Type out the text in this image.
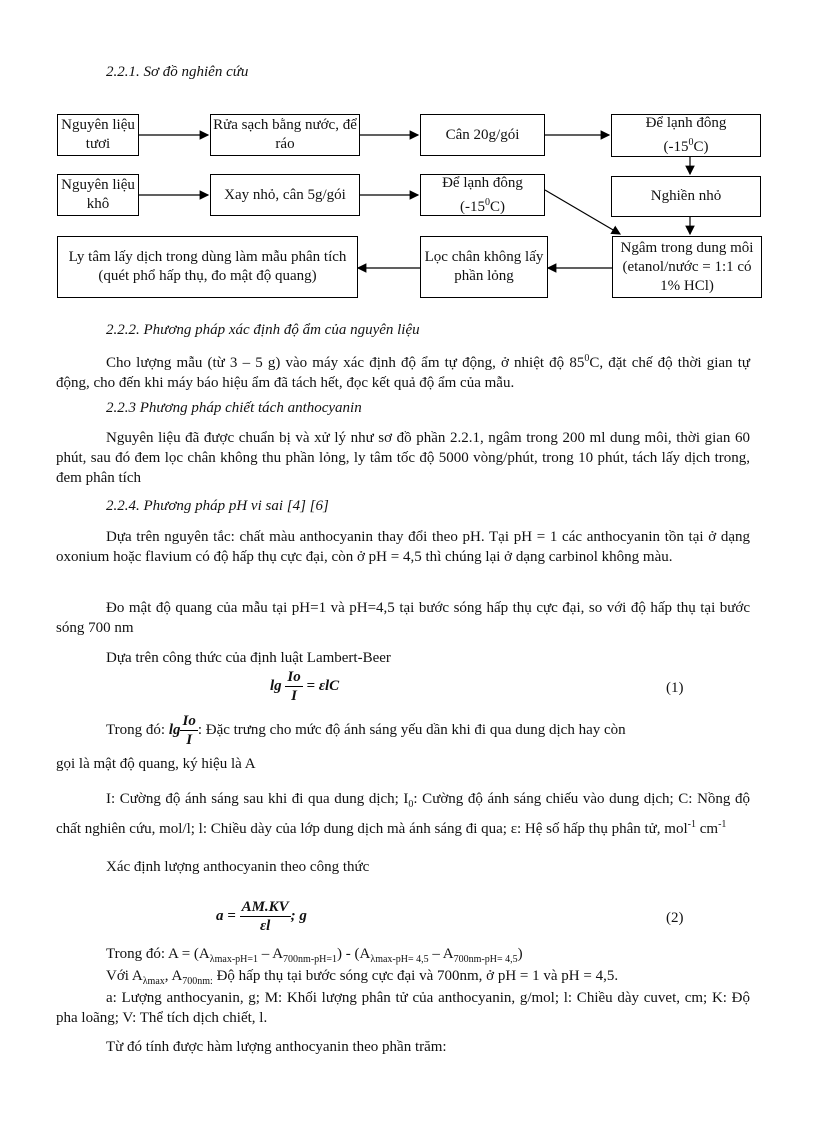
2.2.1. Sơ đồ nghiên cứu
Nguyên liệu tươi
Rửa sạch bằng nước, để ráo
Cân 20g/gói
Để lạnh đông
$(-15^0C)$
Nguyên liệu khô
Xay nhỏ, cân 5g/gói
Để lạnh đông
$(-15^0C)$
Nghiền nhỏ
Ly tâm lấy dịch trong dùng làm mẫu phân tích (quét phổ hấp thụ, đo mật độ quang)
Lọc chân không lấy phần lỏng
Ngâm trong dung môi (etanol/nước = 1:1 có 1% HCl)
2.2.2. Phương pháp xác định độ ẩm của nguyên liệu
Cho lượng mẫu (từ 3 – 5 g) vào máy xác định độ ẩm tự động, ở nhiệt độ $85^0C$, đặt chế độ thời gian tự động, cho đến khi máy báo hiệu ẩm đã tách hết, đọc kết quả độ ẩm của mẫu.
2.2.3 Phương pháp chiết tách anthocyanin
Nguyên liệu đã được chuẩn bị và xử lý như sơ đồ phần 2.2.1, ngâm trong 200 ml dung môi, thời gian 60 phút, sau đó đem lọc chân không thu phần lỏng, ly tâm tốc độ 5000 vòng/phút, trong 10 phút, tách lấy dịch trong, đem phân tích
2.2.4. Phương pháp pH vi sai [4] [6]
Dựa trên nguyên tắc: chất màu anthocyanin thay đổi theo pH. Tại pH = 1 các anthocyanin tồn tại ở dạng oxonium hoặc flavium có độ hấp thụ cực đại, còn ở pH = 4,5 thì chúng lại ở dạng carbinol không màu.
Đo mật độ quang của mẫu tại pH=1 và pH=4,5 tại bước sóng hấp thụ cực đại, so với độ hấp thụ tại bước sóng 700 nm
Dựa trên công thức của định luật Lambert-Beer
$\lg \frac{Io}{I} = \varepsilon lC$	(1)
Trong đó: $\lg \frac{Io}{I}$ : Đặc trưng cho mức độ ánh sáng yếu dần khi đi qua dung dịch hay còn
gọi là mật độ quang, ký hiệu là A
I: Cường độ ánh sáng sau khi đi qua dung dịch; $I_0$: Cường độ ánh sáng chiếu vào dung dịch; C: Nồng độ chất nghiên cứu, mol/l; l: Chiều dày của lớp dung dịch mà ánh sáng đi qua; ε: Hệ số hấp thụ phân tử, mol$^{-1}$ $cm^{-1}$
Xác định lượng anthocyanin theo công thức
$a = \frac{AM.KV}{\varepsilon l}$ ; g	(2)
Trong đó: $A = (A_{\lambda max-pH=1} - A_{700nm-pH=1}) - (A_{\lambda max-pH= 4,5} - A_{700nm-pH= 4,5})$
Với $A_{\lambda max}$, $A_{700nm:}$ Độ hấp thụ tại bước sóng cực đại và 700nm, ở pH = 1 và pH = 4,5.
a: Lượng anthocyanin, g; M: Khối lượng phân tử của anthocyanin, g/mol; l: Chiều dày cuvet, cm; K: Độ pha loãng; V: Thể tích dịch chiết, l.
Từ đó tính được hàm lượng anthocyanin theo phần trăm:
